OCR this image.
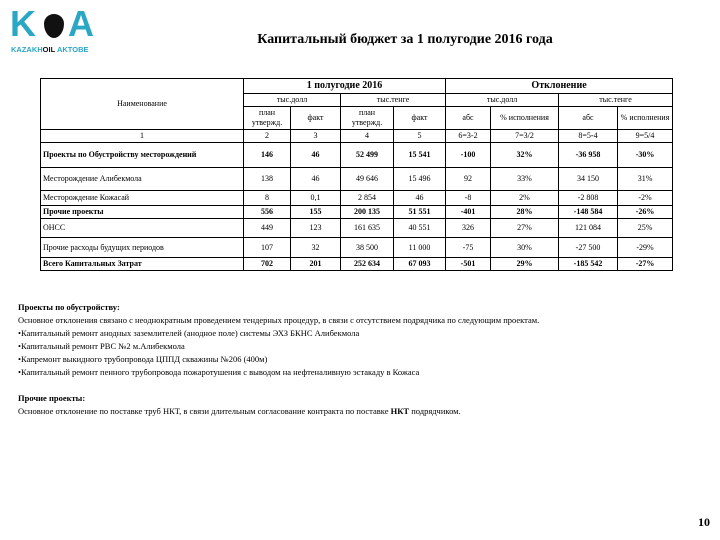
K A
KAZAKHOIL AKTOBE
Капитальный бюджет за 1 полугодие 2016 года
Наименование	1 полугодие 2016				Отклонение			
	тыс.долл		тыс.тенге		тыс.долл		тыс.тенге	
	план утвержд.	факт	план утвержд.	факт	абс	% исполнения	абс	% исполнения
1	2	3	4	5	6=3-2	7=3/2	8=5-4	9=5/4
Проекты по Обустройству месторождений	146	46	52 499	15 541	-100	32%	-36 958	-30%
Месторождение Алибекмола	138	46	49 646	15 496	92	33%	34 150	31%
Месторождение Кожасай	8	0,1	2 854	46	-8	2%	-2 808	-2%
Прочие проекты	556	155	200 135	51 551	-401	28%	-148 584	-26%
ОНСС	449	123	161 635	40 551	326	27%	121 084	25%
Прочие расходы будущих периодов	107	32	38 500	11 000	-75	30%	-27 500	-29%
Всего Капитальных Затрат	702	201	252 634	67 093	-501	29%	-185 542	-27%
Проекты по обустройству:
Основное отклонения связано с неоднократным проведением тендерных процедур, в связи с отсутствием подрядчика по следующим проектам.
•Капитальный ремонт анодных заземлителей (анодное поле) системы ЭХЗ БКНС Алибекмола
•Капитальный ремонт РВС №2 м.Алибекмола
•Капремонт выкидного трубопровода ЦППД скважины №206 (400м)
•Капитальный ремонт пенного трубопровода пожаротушения с выводом на нефтеналивную эстакаду в Кожаса
Прочие проекты:
Основное отклонение по поставке труб НКТ, в связи длительным согласование контракта по поставке НКТ подрядчиком.
10
